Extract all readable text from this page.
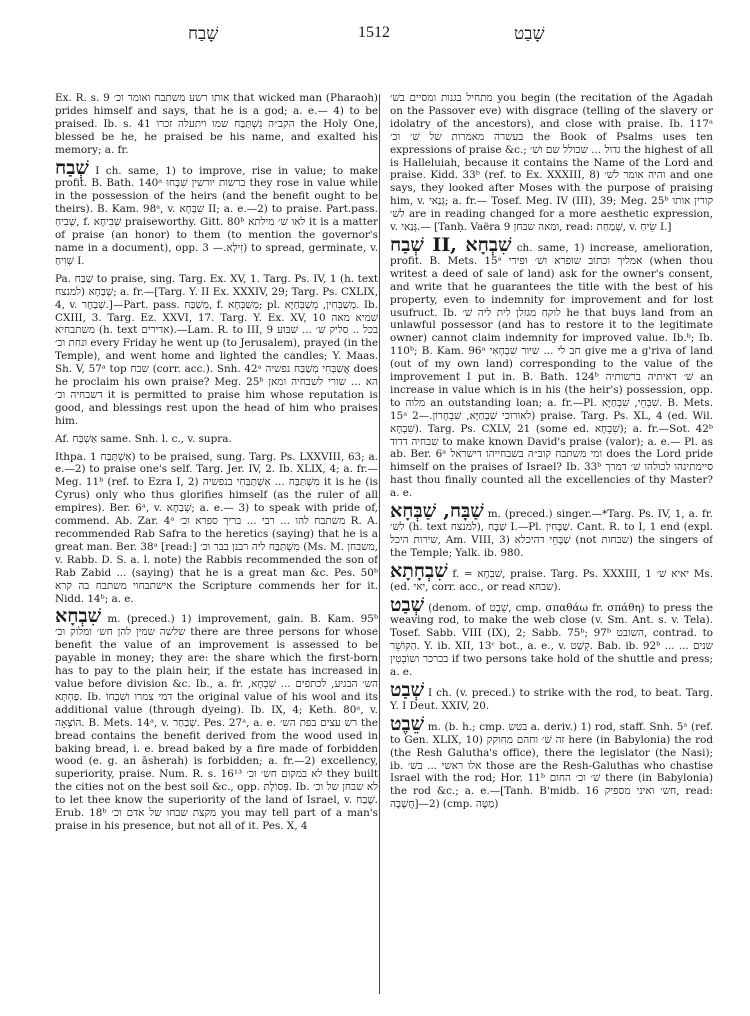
שָׁבַח	1512	שָׁבַט

Ex. R. s. 9 אותו רשע משתבח ואומר וכ׳ that wicked man (Pharaoh) prides himself and says, that he is a god; a. e.— 4) to be praised. Ib. s. 41 הקב״ה נִשְׁתַּבַּח שמו ויתעלה זכרו the Holy One, blessed be he, he praised be his name, and exalted his memory; a. fr.

שְׁבַח I ch. same, 1) to improve, rise in value; to make profit. B. Bath. 140ᵃ ברשות יורשין שִׁבְּחוּ they rose in value while in the possession of the heirs (and the benefit ought to be theirs). B. Kam. 98ᵃ, v. שִׁבְּחָא II; a. e.—2) to praise. Part.pass. שְׁבִיחַ, f. שְׁבִיחָא praiseworthy. Gitt. 80ᵇ לאו שׁ׳ מילתא it is a matter of praise (an honor) to them (to mention the governor's name in a document), opp. זִילָא.— 3) to spread, germinate, v. שְׁוִיחַ I.

Pa. שַׁבַּח to praise, sing. Targ. Ex. XV, 1. Targ. Ps. IV, 1 (h. text למנצח) שְׁבַחָא; a. fr.—[Targ. Y. II Ex. XXXIV, 29; Targ. Ps. CXLIX, 4, v. שְׁבַחָר.]—Part. pass. מְשַׁבַּח, f. מְשַׁבְּחָא; pl. מְשַׁבְּחִין, מְשַׁבְּחַיָּא. Ib. CXIII, 3. Targ. Ez. XXVI, 17. Targ. Y. Ex. XV, 10 שׁמיא מאה משתבחיא (h. text אדירים).—Lam. R. to III, 9 בכל .. סליק שׁ׳ ... שׁבּוּע ונחת וכ׳ every Friday he went up (to Jerusalem), prayed (in the Temple), and went home and lighted the candles; Y. Maas. Sh. V, 57ᵃ top שבח (corr. acc.). Snh. 42ᵃ אֲשַׁבְּחִי מְשַׁבַּח נפשיה does he proclaim his own praise? Meg. 25ᵇ הא ... שורי לשבחיה ומאן דשבחיה וכ׳ it is permitted to praise him whose reputation is good, and blessings rest upon the head of him who praises him.

Af. אַשְׁבַּח same. Snh. l. c., v. supra.

Ithpa. אִשְׁתַּבַּח 1) to be praised, sung. Targ. Ps. LXXVIII, 63; a. e.—2) to praise one's self. Targ. Jer. IV, 2. Ib. XLIX, 4; a. fr.—Meg. 11ᵇ (ref. to Ezra I, 2) מִשְׁתַּבַּח ... אִשְׁתַּבַּחִי בנפשיה it is he (is Cyrus) only who thus glorifies himself (as the ruler of all empires). Ber. 6ᵃ, v. שְׁבַחָא; a. e.— 3) to speak with pride of, commend. Ab. Zar. 4ᵃ משתבח להו ... רבי ... בריך ספרא וכ׳ R. A. recommended Rab Safra to the heretics (saying) that he is a great man. Ber. 38ᵃ [read:] מִשְׁתַּבַּח ליה רבנן בבר וכ׳ (Ms. M. משבחן, v. Rabb. D. S. a. l. note) the Rabbis recommended the son of Rab Zabid ... (saying) that he is a great man &c. Pes. 50ᵇ אישתבחוי משתבח בה קרא the Scripture commends her for it. Nidd. 14ᵇ; a. e.

שִׁבְחָא m. (preced.) 1) improvement, gain. B. Kam. 95ᵇ שלשה שמין להן חש׳ ומלוק וכ׳ there are three persons for whose benefit the value of an improvement is assessed to be payable in money; they are: the share which the first-born has to pay to the plain heir, if the estate has increased in value before division &c. Ib., a. fr. הש׳ הבגיע, לכתפים ... שִׁבְחָא, פַּחְתָּא. Ib. דמי צמרו ושִׁבְחוֹ the original value of his wool and its additional value (through dyeing). Ib. IX, 4; Keth. 80ᵃ, v. הוֹצָאָה. B. Mets. 14ᵃ, v. שְׁבַחַר. Pes. 27ᵃ, a. e. רש עצים בפת הש׳ the bread contains the benefit derived from the wood used in baking bread, i. e. bread baked by a fire made of forbidden wood (e. g. an āsherah) is forbidden; a. fr.—2) excellency, superiority, praise. Num. R. s. 16¹³ לא במקום חש׳ וכ׳ they built the cities not on the best soil &c., opp. פְּסוֹלֶת. Ib. לא שבחן של וכ׳ to let thee know the superiority of the land of Israel, v. שֶׁבַח. Erub. 18ᵇ מקצת שבחו של אדם וכ׳ you may tell part of a man's praise in his presence, but not all of it. Pes. X, 4

מתחיל בגנות ומסיים בשׁ׳ you begin (the recitation of the Agadah on the Passover eve) with disgrace (telling of the slavery or idolatry of the ancestors), and close with praise. Ib. 117ᵃ בעשרה מאמרות של שׁ׳ וכ׳ the Book of Psalms uses ten expressions of praise &c.; גדול ... שכולל שם ושׁ׳ the highest of all is Halleluiah, because it contains the Name of the Lord and praise. Kidd. 33ᵇ (ref. to Ex. XXXIII, 8) והיה אומר לשׁ׳ and one says, they looked after Moses with the purpose of praising him, v. גְּנַאי; a. fr.— Tosef. Meg. IV (III), 39; Meg. 25ᵇ קורין אותו לשׁ׳ are in reading changed for a more aesthetic expression, v. גְּנַאי.— [Tanḥ. Vaëra 9 ומאה שבחן, read: שְׁמַחַת, v. שֵׂיחַ I.]

שְׁבַח II, שִׁבְחָא ch. same, 1) increase, amelioration, profit. B. Mets. 15ᵃ אמליך וכתוב שופרא ושׁ׳ ופירי (when thou writest a deed of sale of land) ask for the owner's consent, and write that he guarantees the title with the best of his property, even to indemnity for improvement and for lost usufruct. Ib. לוקח מגזלן לית ליה שׁ׳ he that buys land from an unlawful possessor (and has to restore it to the legitimate owner) cannot claim indemnity for improved value. Ib.ᵇ; Ib. 110ᵇ; B. Kam. 96ᵃ חב לי ... שיור שִׁבְחָאִי give me a g'riva of land (out of my own land) corresponding to the value of the improvement I put in. B. Bath. 124ᵇ שׁ׳ דאיתיה ברשותיה an increase in value which is in his (the heir's) possession, opp. to מלוה an outstanding loan; a. fr.—Pl. שִׁבְחֵי, שִׁבְחַיָּא. B. Mets. 15ᵃ לאורוכי שִׁבְחַיָּא, שִׁבְחָרוֹן.—2) praise. Targ. Ps. XL, 4 (ed. Wil. שִׁבְחָא). Targ. Ps. CXLV, 21 (some ed. שִׁבְחָא); a. fr.—Sot. 42ᵇ שבחיה דדוד to make known David's praise (valor); a. e.— Pl. as ab. Ber. 6ᵃ ומי משתבח קוב״ה בשבחייהו דישראל does the Lord pride himself on the praises of Israel? Ib. 33ᵇ סיימתינהו לכולהו שׁ׳ דמרך hast thou finally counted all the excellencies of thy Master? a. e.

שַׁבָּח, שַׁבְּחָא m. (preced.) singer.—*Targ. Ps. IV, 1, a. fr. לשׁ׳ (h. text למנצח), שַׁבָּח I.—Pl. שַׁבָּחִין. Cant. R. to I, 1 end (expl. שירות היכל, Am. VIII, 3) שַׁבָּחֵי דהיכלא (not שבחות) the singers of the Temple; Yalk. ib. 980.

שִׁבְחָתָא f. = שִׁבְחָא, praise. Targ. Ps. XXXIII, 1 יאיא שׁ׳ Ms. (ed. יאי, corr. acc., or read שבחא).

שְׁבַט (denom. of שֵׁבֶט, cmp. σπαθάω fr. σπάθη) to press the weaving rod, to make the web close (v. Sm. Ant. s. v. Tela). Tosef. Sabb. VIII (IX), 2; Sabb. 75ᵇ; 97ᵇ השובט, contrad. to הַקּוֹשֵׁר. Y. ib. XII, 13ᶜ bot., a. e., v. קְשַׁט. Bab. ib. 92ᵇ ... שנים ... בכרכר ושוֹבְטִין if two persons take hold of the shuttle and press; a. e.

שְׁבַט I ch. (v. preced.) to strike with the rod, to beat. Targ. Y. I Deut. XXIV, 20.

שֵׁבֶט m. (b. h.; cmp. בטש a. deriv.) 1) rod, staff. Snh. 5ᵃ (ref. to Gen. XLIX, 10) זה שׁ׳ וחהם מחוקק here (in Babylonia) the rod (the Resh Galutha's office), there the legislator (the Nasi); ib. אלו ראשי ... בשׁ׳ those are the Resh-Galuthas who chastise Israel with the rod; Hor. 11ᵇ שׁ׳ וכ׳ החום there (in Babylonia) the rod &c.; a. e.—[Tanh. B'midb. 16 חש׳ ואיני מספיק, read: חֲשָׁבָה]—2) (cmp. מַטֶּה)
